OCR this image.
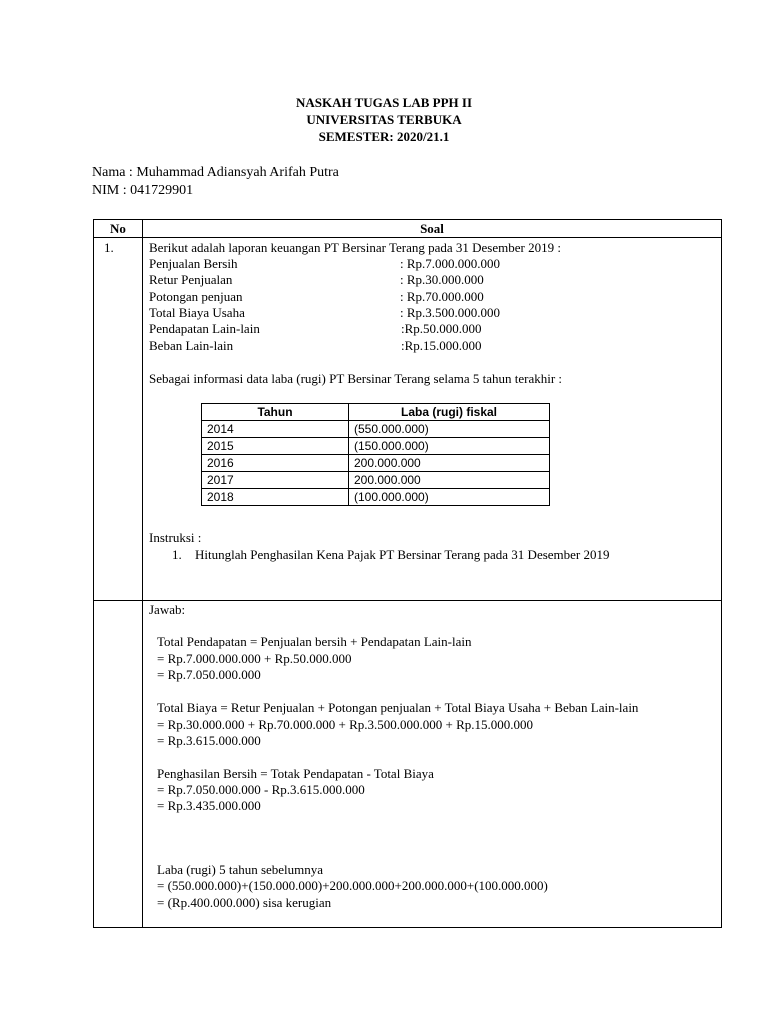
NASKAH TUGAS LAB PPH II
UNIVERSITAS TERBUKA
SEMESTER: 2020/21.1
Nama : Muhammad Adiansyah Arifah Putra
NIM : 041729901
No	Soal
1.	Berikut adalah laporan keuangan PT Bersinar Terang pada 31 Desember 2019 :
Penjualan Bersih	: Rp.7.000.000.000
Retur Penjualan	: Rp.30.000.000
Potongan penjuan	: Rp.70.000.000
Total Biaya Usaha	: Rp.3.500.000.000
Pendapatan Lain-lain	:Rp.50.000.000
Beban Lain-lain	:Rp.15.000.000
Sebagai informasi data laba (rugi) PT Bersinar Terang selama 5 tahun terakhir :
Tahun	Laba (rugi) fiskal
2014	(550.000.000)
2015	(150.000.000)
2016	200.000.000
2017	200.000.000
2018	(100.000.000)
Instruksi :
1. Hitunglah Penghasilan Kena Pajak PT Bersinar Terang pada 31 Desember 2019
Jawab:
Total Pendapatan = Penjualan bersih + Pendapatan Lain-lain
= Rp.7.000.000.000 + Rp.50.000.000
= Rp.7.050.000.000
Total Biaya = Retur Penjualan + Potongan penjualan + Total Biaya Usaha + Beban Lain-lain
= Rp.30.000.000 + Rp.70.000.000 + Rp.3.500.000.000 + Rp.15.000.000
= Rp.3.615.000.000
Penghasilan Bersih = Totak Pendapatan - Total Biaya
= Rp.7.050.000.000 - Rp.3.615.000.000
= Rp.3.435.000.000
Laba (rugi) 5 tahun sebelumnya
= (550.000.000)+(150.000.000)+200.000.000+200.000.000+(100.000.000)
= (Rp.400.000.000) sisa kerugian
